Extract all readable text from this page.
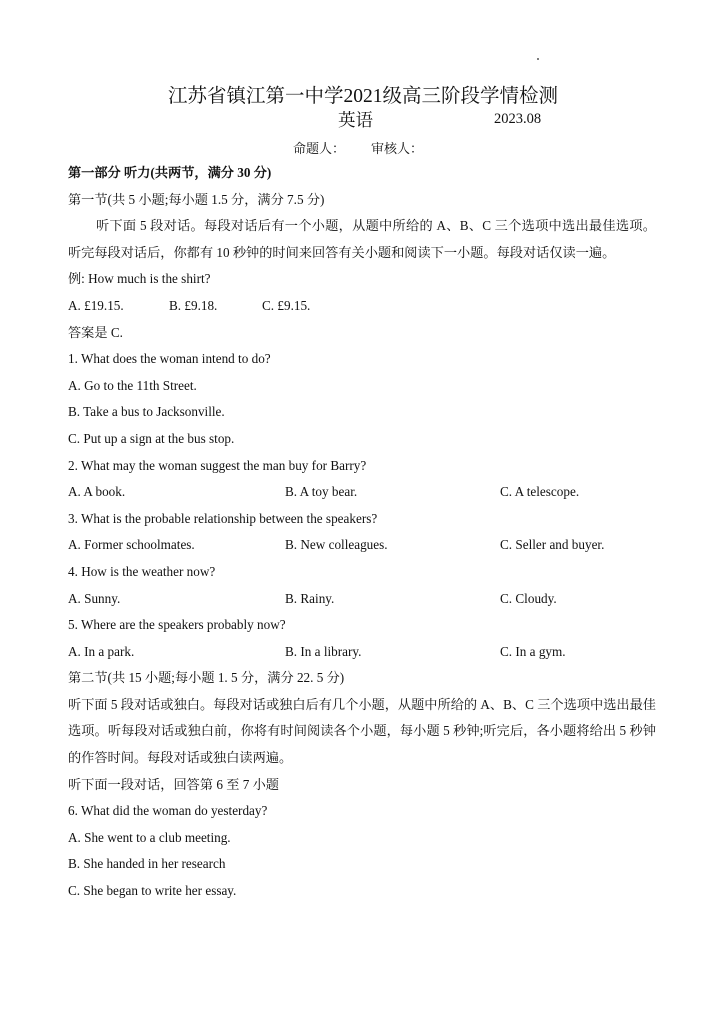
江苏省镇江第一中学2021级高三阶段学情检测
英语	2023.08
命题人： 审核人：
第一部分 听力(共两节，满分 30 分)
第一节(共 5 小题;每小题 1.5 分，满分 7.5 分)
听下面 5 段对话。每段对话后有一个小题，从题中所给的 A、B、C 三个选项中选出最佳选项。听完每段对话后，你都有 10 秒钟的时间来回答有关小题和阅读下一小题。每段对话仅读一遍。
例: How much is the shirt?
A. £19.15.	B. £9.18.	C. £9.15.
答案是 C.
1. What does the woman intend to do?
A. Go to the 11th Street.
B. Take a bus to Jacksonville.
C. Put up a sign at the bus stop.
2. What may the woman suggest the man buy for Barry?
A. A book.	B. A toy bear.	C. A telescope.
3. What is the probable relationship between the speakers?
A. Former schoolmates.	B. New colleagues.	C. Seller and buyer.
4. How is the weather now?
A. Sunny.	B. Rainy.	C. Cloudy.
5. Where are the speakers probably now?
A. In a park.	B. In a library.	C. In a gym.
第二节(共 15 小题;每小题 1. 5 分，满分 22. 5 分)
听下面 5 段对话或独白。每段对话或独白后有几个小题，从题中所给的 A、B、C 三个选项中选出最佳选项。听每段对话或独白前，你将有时间阅读各个小题，每小题 5 秒钟;听完后，各小题将给出 5 秒钟的作答时间。每段对话或独白读两遍。
听下面一段对话，回答第 6 至 7 小题
6. What did the woman do yesterday?
A. She went to a club meeting.
B. She handed in her research
C. She began to write her essay.
